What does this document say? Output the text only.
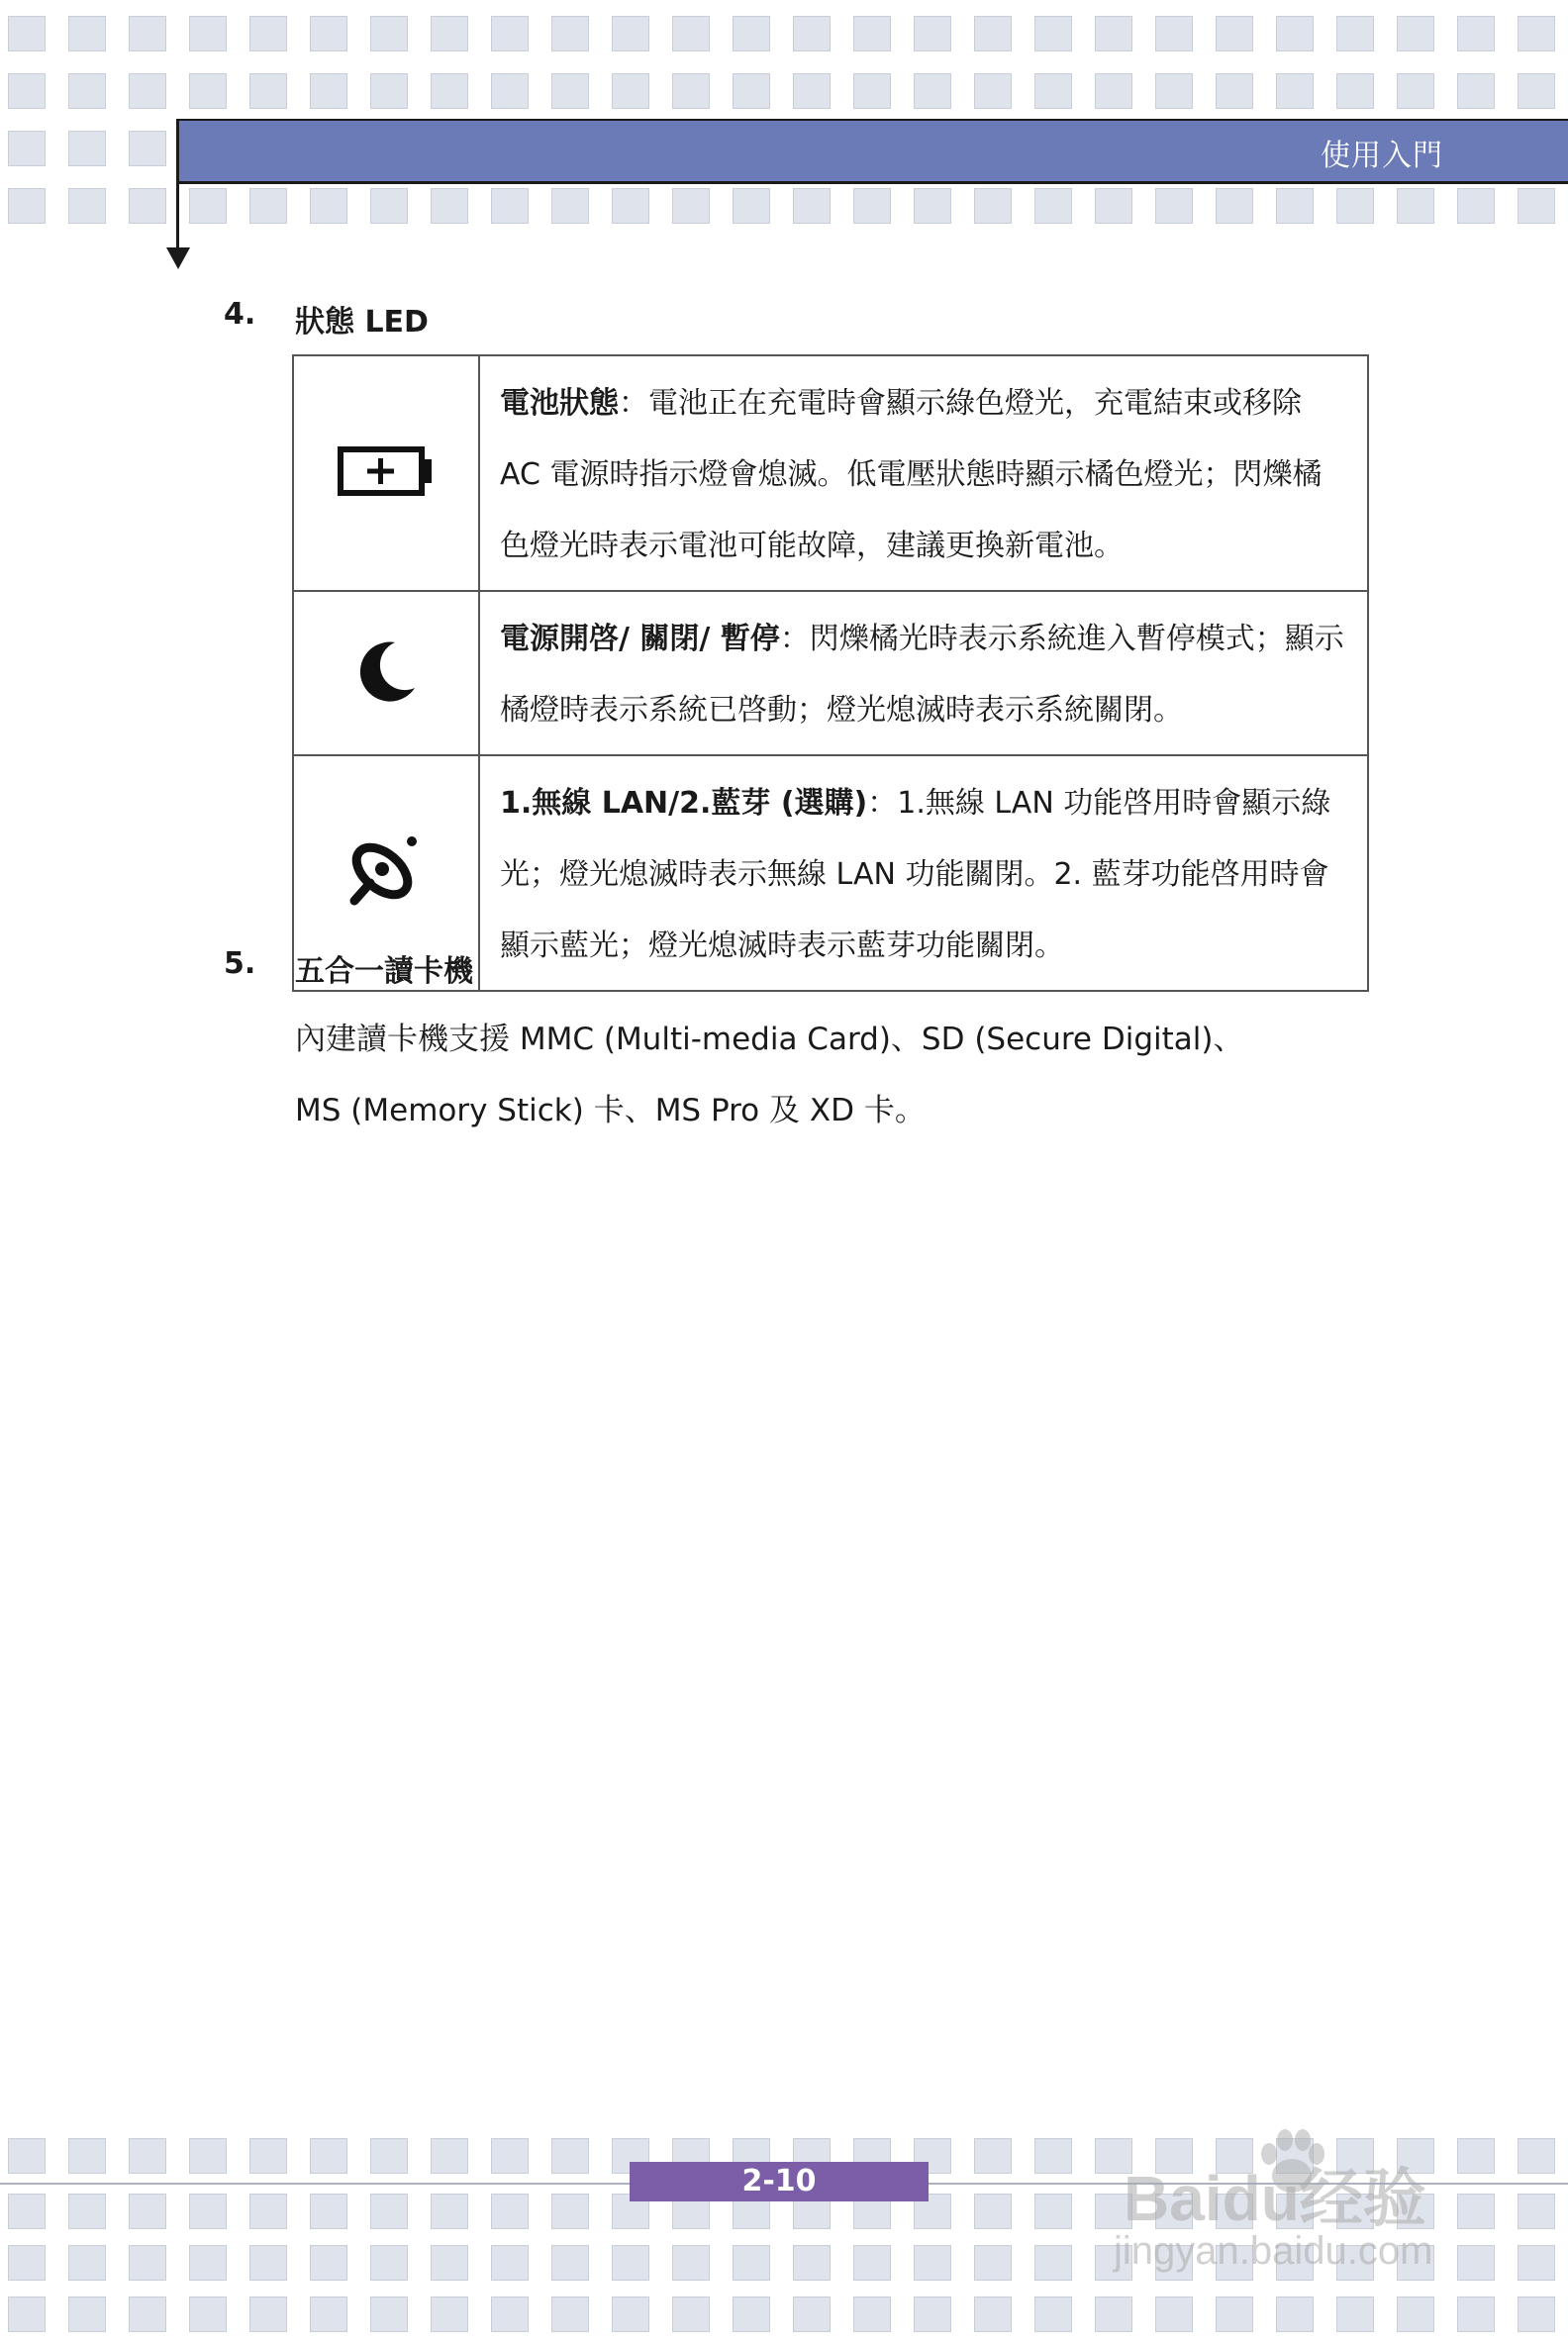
使用入門
4. 狀態 LED
	電池狀態：電池正在充電時會顯示綠色燈光，充電結束或移除 AC 電源時指示燈會熄滅。低電壓狀態時顯示橘色燈光；閃爍橘色燈光時表示電池可能故障，建議更換新電池。
	電源開啓/ 關閉/ 暫停：閃爍橘光時表示系統進入暫停模式；顯示橘燈時表示系統已啓動；燈光熄滅時表示系統關閉。
	1.無線 LAN/2.藍芽 (選購)：1.無線 LAN 功能啓用時會顯示綠光；燈光熄滅時表示無線 LAN 功能關閉。2. 藍芽功能啓用時會顯示藍光；燈光熄滅時表示藍芽功能關閉。
5. 五合一讀卡機
內建讀卡機支援 MMC (Multi-media Card)、SD (Secure Digital)、MS (Memory Stick) 卡、MS Pro 及 XD 卡。
2-10	Baidu经验
jingyan.baidu.com
